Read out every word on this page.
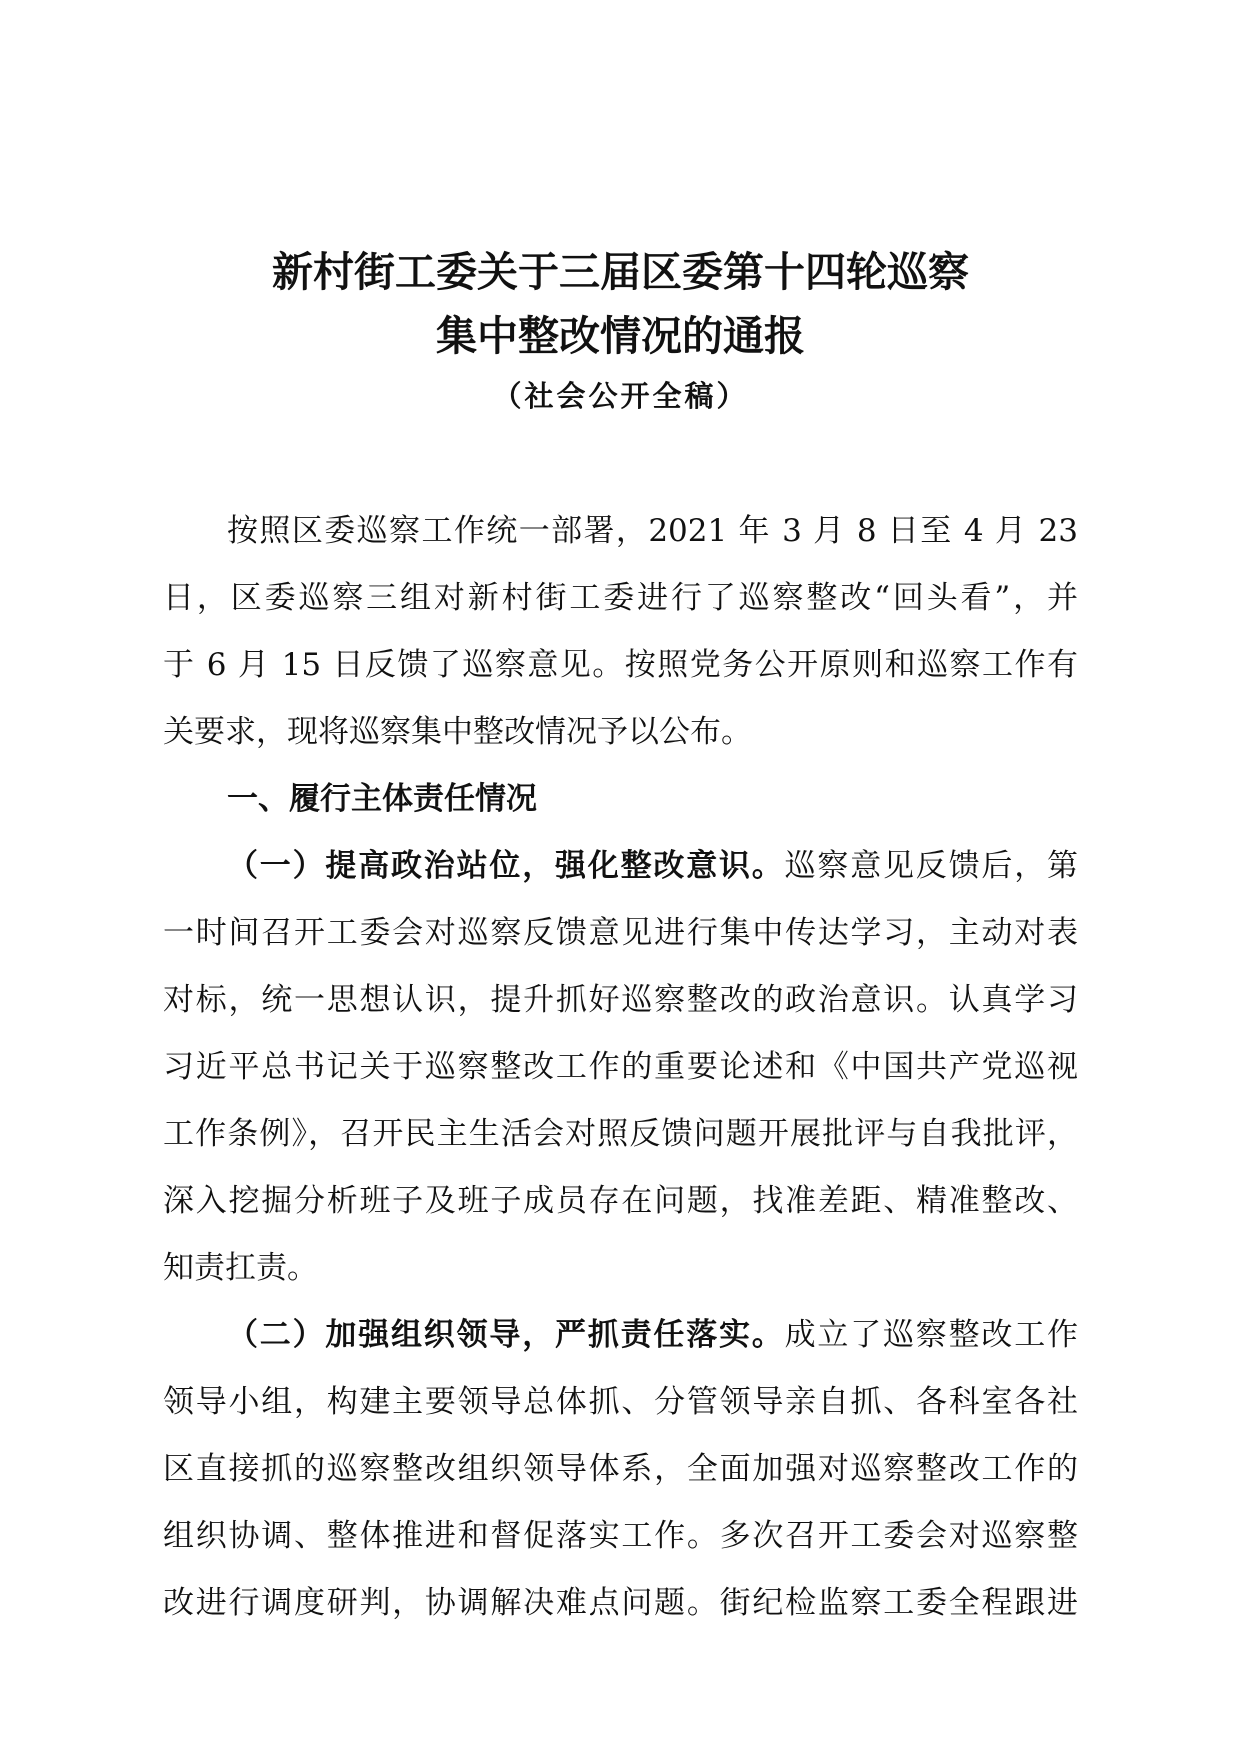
新村街工委关于三届区委第十四轮巡察
集中整改情况的通报
（社会公开全稿）
按照区委巡察工作统一部署，2021 年 3 月 8 日至 4 月 23
日，区委巡察三组对新村街工委进行了巡察整改“回头看”，并
于 6 月 15 日反馈了巡察意见。按照党务公开原则和巡察工作有
关要求，现将巡察集中整改情况予以公布。
一、履行主体责任情况
（一）提高政治站位，强化整改意识。巡察意见反馈后，第
一时间召开工委会对巡察反馈意见进行集中传达学习，主动对表
对标，统一思想认识，提升抓好巡察整改的政治意识。认真学习
习近平总书记关于巡察整改工作的重要论述和《中国共产党巡视
工作条例》，召开民主生活会对照反馈问题开展批评与自我批评，
深入挖掘分析班子及班子成员存在问题，找准差距、精准整改、
知责扛责。
（二）加强组织领导，严抓责任落实。成立了巡察整改工作
领导小组，构建主要领导总体抓、分管领导亲自抓、各科室各社
区直接抓的巡察整改组织领导体系，全面加强对巡察整改工作的
组织协调、整体推进和督促落实工作。多次召开工委会对巡察整
改进行调度研判，协调解决难点问题。街纪检监察工委全程跟进
